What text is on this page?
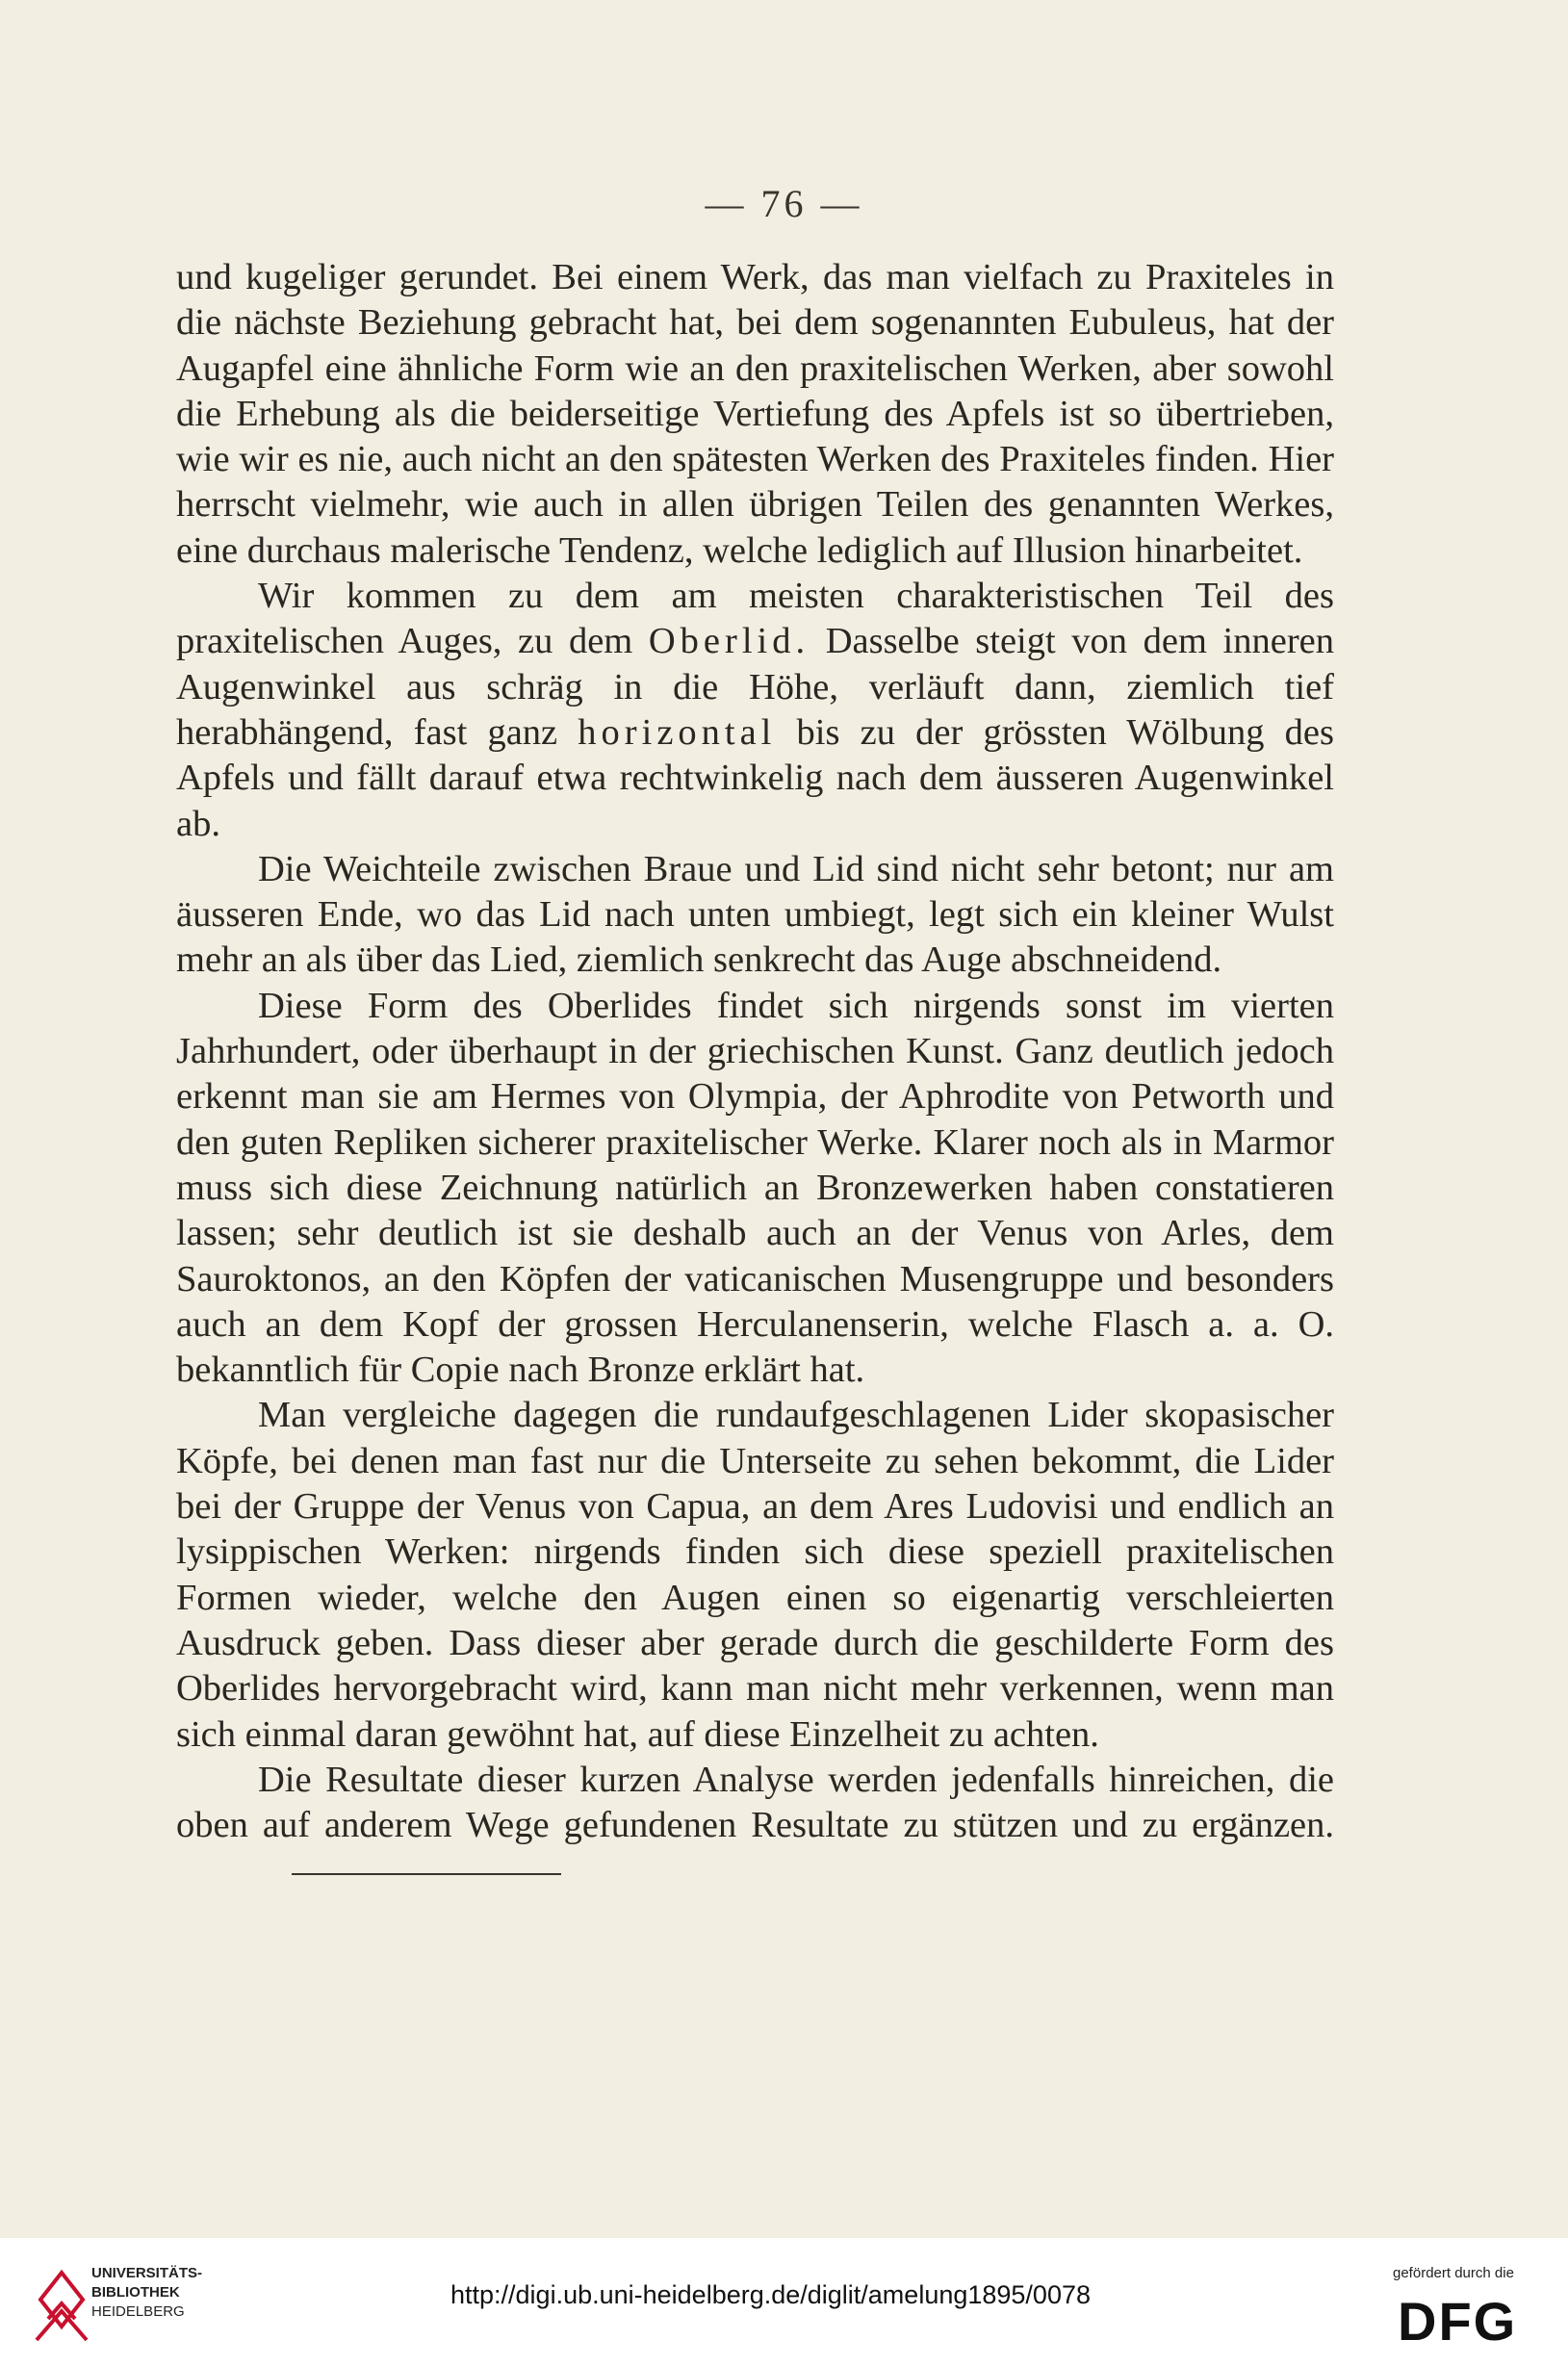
— 76 —

und kugeliger gerundet. Bei einem Werk, das man vielfach zu Praxiteles in die nächste Beziehung gebracht hat, bei dem sogenannten Eubuleus, hat der Augapfel eine ähnliche Form wie an den praxitelischen Werken, aber sowohl die Erhebung als die beiderseitige Vertiefung des Apfels ist so übertrieben, wie wir es nie, auch nicht an den spätesten Werken des Praxiteles finden. Hier herrscht vielmehr, wie auch in allen übrigen Teilen des genannten Werkes, eine durchaus malerische Tendenz, welche lediglich auf Illusion hinarbeitet.

Wir kommen zu dem am meisten charakteristischen Teil des praxitelischen Auges, zu dem Oberlid. Dasselbe steigt von dem inneren Augenwinkel aus schräg in die Höhe, verläuft dann, ziemlich tief herabhängend, fast ganz horizontal bis zu der grössten Wölbung des Apfels und fällt darauf etwa rechtwinkelig nach dem äusseren Augenwinkel ab.

Die Weichteile zwischen Braue und Lid sind nicht sehr betont; nur am äusseren Ende, wo das Lid nach unten umbiegt, legt sich ein kleiner Wulst mehr an als über das Lied, ziemlich senkrecht das Auge abschneidend.

Diese Form des Oberlides findet sich nirgends sonst im vierten Jahrhundert, oder überhaupt in der griechischen Kunst. Ganz deutlich jedoch erkennt man sie am Hermes von Olympia, der Aphrodite von Petworth und den guten Repliken sicherer praxitelischer Werke. Klarer noch als in Marmor muss sich diese Zeichnung natürlich an Bronzewerken haben constatieren lassen; sehr deutlich ist sie deshalb auch an der Venus von Arles, dem Sauroktonos, an den Köpfen der vaticanischen Musengruppe und besonders auch an dem Kopf der grossen Herculanenserin, welche Flasch a. a. O. bekanntlich für Copie nach Bronze erklärt hat.

Man vergleiche dagegen die rundaufgeschlagenen Lider skopasischer Köpfe, bei denen man fast nur die Unterseite zu sehen bekommt, die Lider bei der Gruppe der Venus von Capua, an dem Ares Ludovisi und endlich an lysippischen Werken: nirgends finden sich diese speziell praxitelischen Formen wieder, welche den Augen einen so eigenartig verschleierten Ausdruck geben. Dass dieser aber gerade durch die geschilderte Form des Oberlides hervorgebracht wird, kann man nicht mehr verkennen, wenn man sich einmal daran gewöhnt hat, auf diese Einzelheit zu achten.

Die Resultate dieser kurzen Analyse werden jedenfalls hinreichen, die oben auf anderem Wege gefundenen Resultate zu stützen und zu ergänzen.

UNIVERSITÄTS-
BIBLIOTHEK
HEIDELBERG
http://digi.ub.uni-heidelberg.de/diglit/amelung1895/0078
gefördert durch die
DFG
